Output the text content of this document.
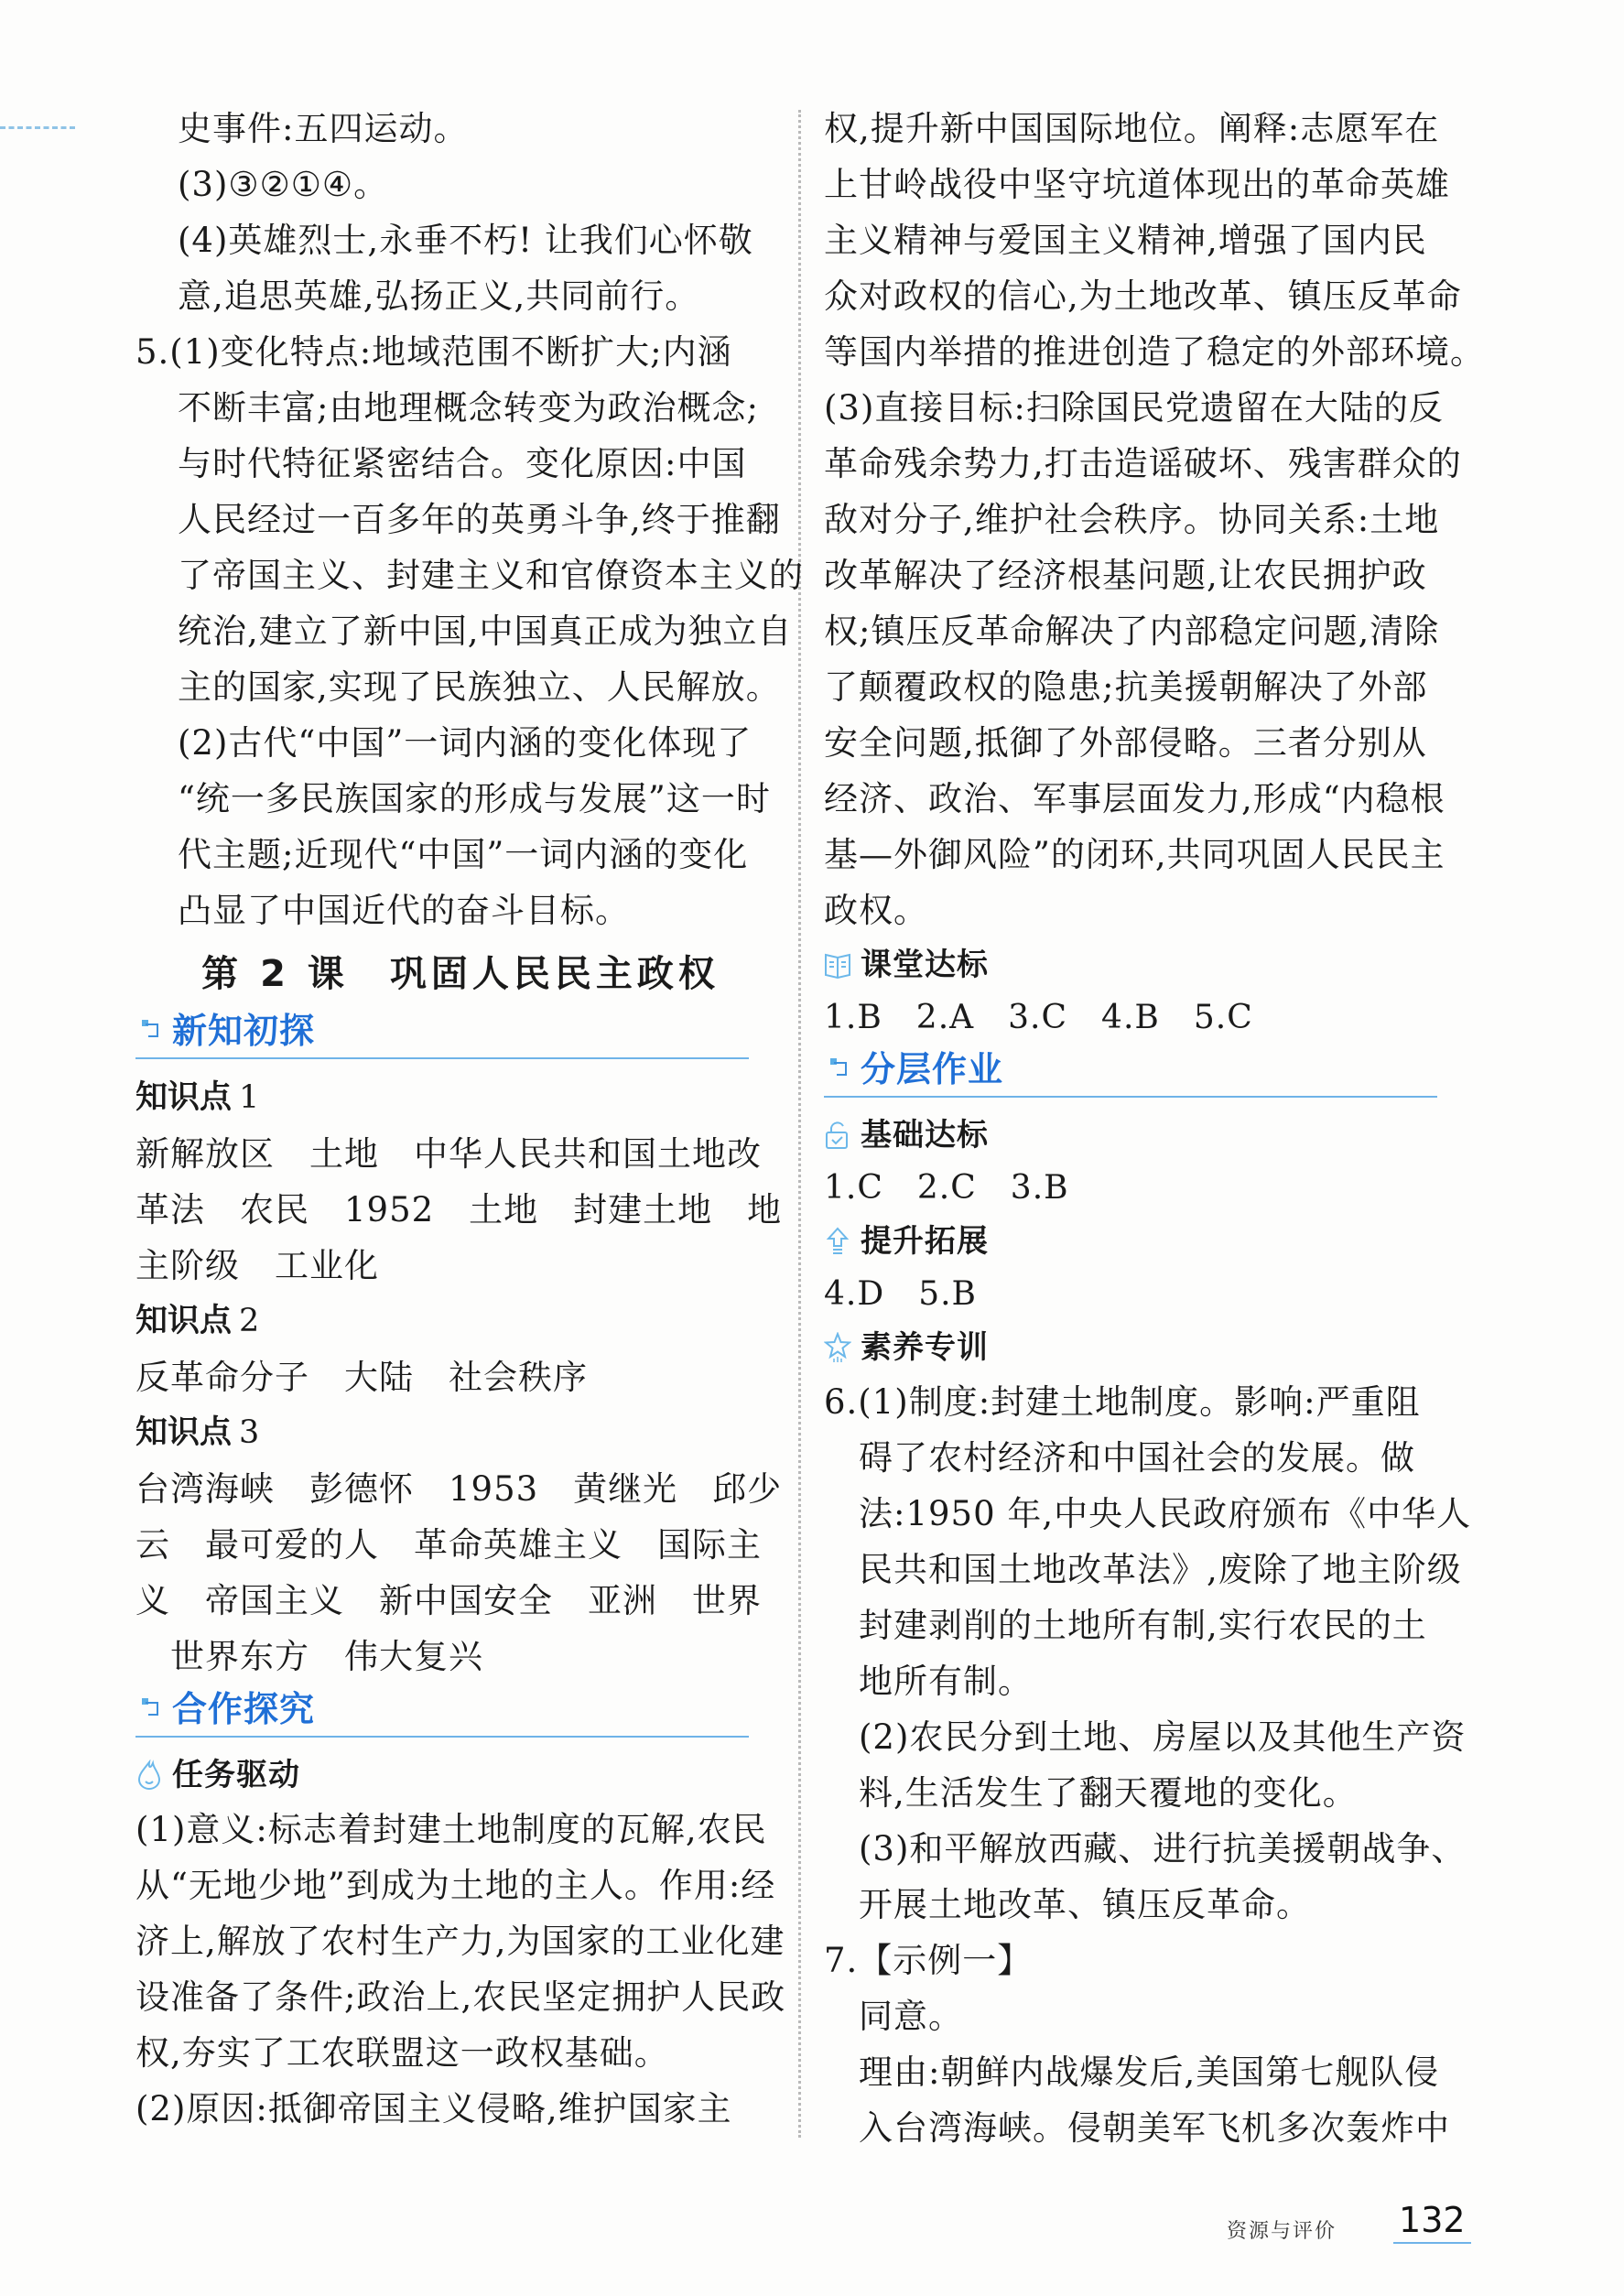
史事件:五四运动。
(3)③②①④。
(4)英雄烈士,永垂不朽! 让我们心怀敬
意,追思英雄,弘扬正义,共同前行。
5.(1)变化特点:地域范围不断扩大;内涵
不断丰富;由地理概念转变为政治概念;
与时代特征紧密结合。变化原因:中国
人民经过一百多年的英勇斗争,终于推翻
了帝国主义、封建主义和官僚资本主义的
统治,建立了新中国,中国真正成为独立自
主的国家,实现了民族独立、人民解放。
(2)古代“中国”一词内涵的变化体现了
“统一多民族国家的形成与发展”这一时
代主题;近现代“中国”一词内涵的变化
凸显了中国近代的奋斗目标。
第 2 课　巩固人民民主政权
新知初探
知识点 1
新解放区　土地　中华人民共和国土地改
革法　农民　1952　土地　封建土地　地
主阶级　工业化
知识点 2
反革命分子　大陆　社会秩序
知识点 3
台湾海峡　彭德怀　1953　黄继光　邱少
云　最可爱的人　革命英雄主义　国际主
义　帝国主义　新中国安全　亚洲　世界
　世界东方　伟大复兴
合作探究
任务驱动
(1)意义:标志着封建土地制度的瓦解,农民
从“无地少地”到成为土地的主人。作用:经
济上,解放了农村生产力,为国家的工业化建
设准备了条件;政治上,农民坚定拥护人民政
权,夯实了工农联盟这一政权基础。
(2)原因:抵御帝国主义侵略,维护国家主
权,提升新中国国际地位。阐释:志愿军在
上甘岭战役中坚守坑道体现出的革命英雄
主义精神与爱国主义精神,增强了国内民
众对政权的信心,为土地改革、镇压反革命
等国内举措的推进创造了稳定的外部环境。
(3)直接目标:扫除国民党遗留在大陆的反
革命残余势力,打击造谣破坏、残害群众的
敌对分子,维护社会秩序。协同关系:土地
改革解决了经济根基问题,让农民拥护政
权;镇压反革命解决了内部稳定问题,清除
了颠覆政权的隐患;抗美援朝解决了外部
安全问题,抵御了外部侵略。三者分别从
经济、政治、军事层面发力,形成“内稳根
基—外御风险”的闭环,共同巩固人民民主
政权。
课堂达标
1.B　2.A　3.C　4.B　5.C
分层作业
基础达标
1.C　2.C　3.B
提升拓展
4.D　5.B
素养专训
6.(1)制度:封建土地制度。影响:严重阻
碍了农村经济和中国社会的发展。做
法:1950 年,中央人民政府颁布《中华人
民共和国土地改革法》,废除了地主阶级
封建剥削的土地所有制,实行农民的土
地所有制。
(2)农民分到土地、房屋以及其他生产资
料,生活发生了翻天覆地的变化。
(3)和平解放西藏、进行抗美援朝战争、
开展土地改革、镇压反革命。
7.【示例一】
同意。
理由:朝鲜内战爆发后,美国第七舰队侵
入台湾海峡。侵朝美军飞机多次轰炸中
资源与评价 132
